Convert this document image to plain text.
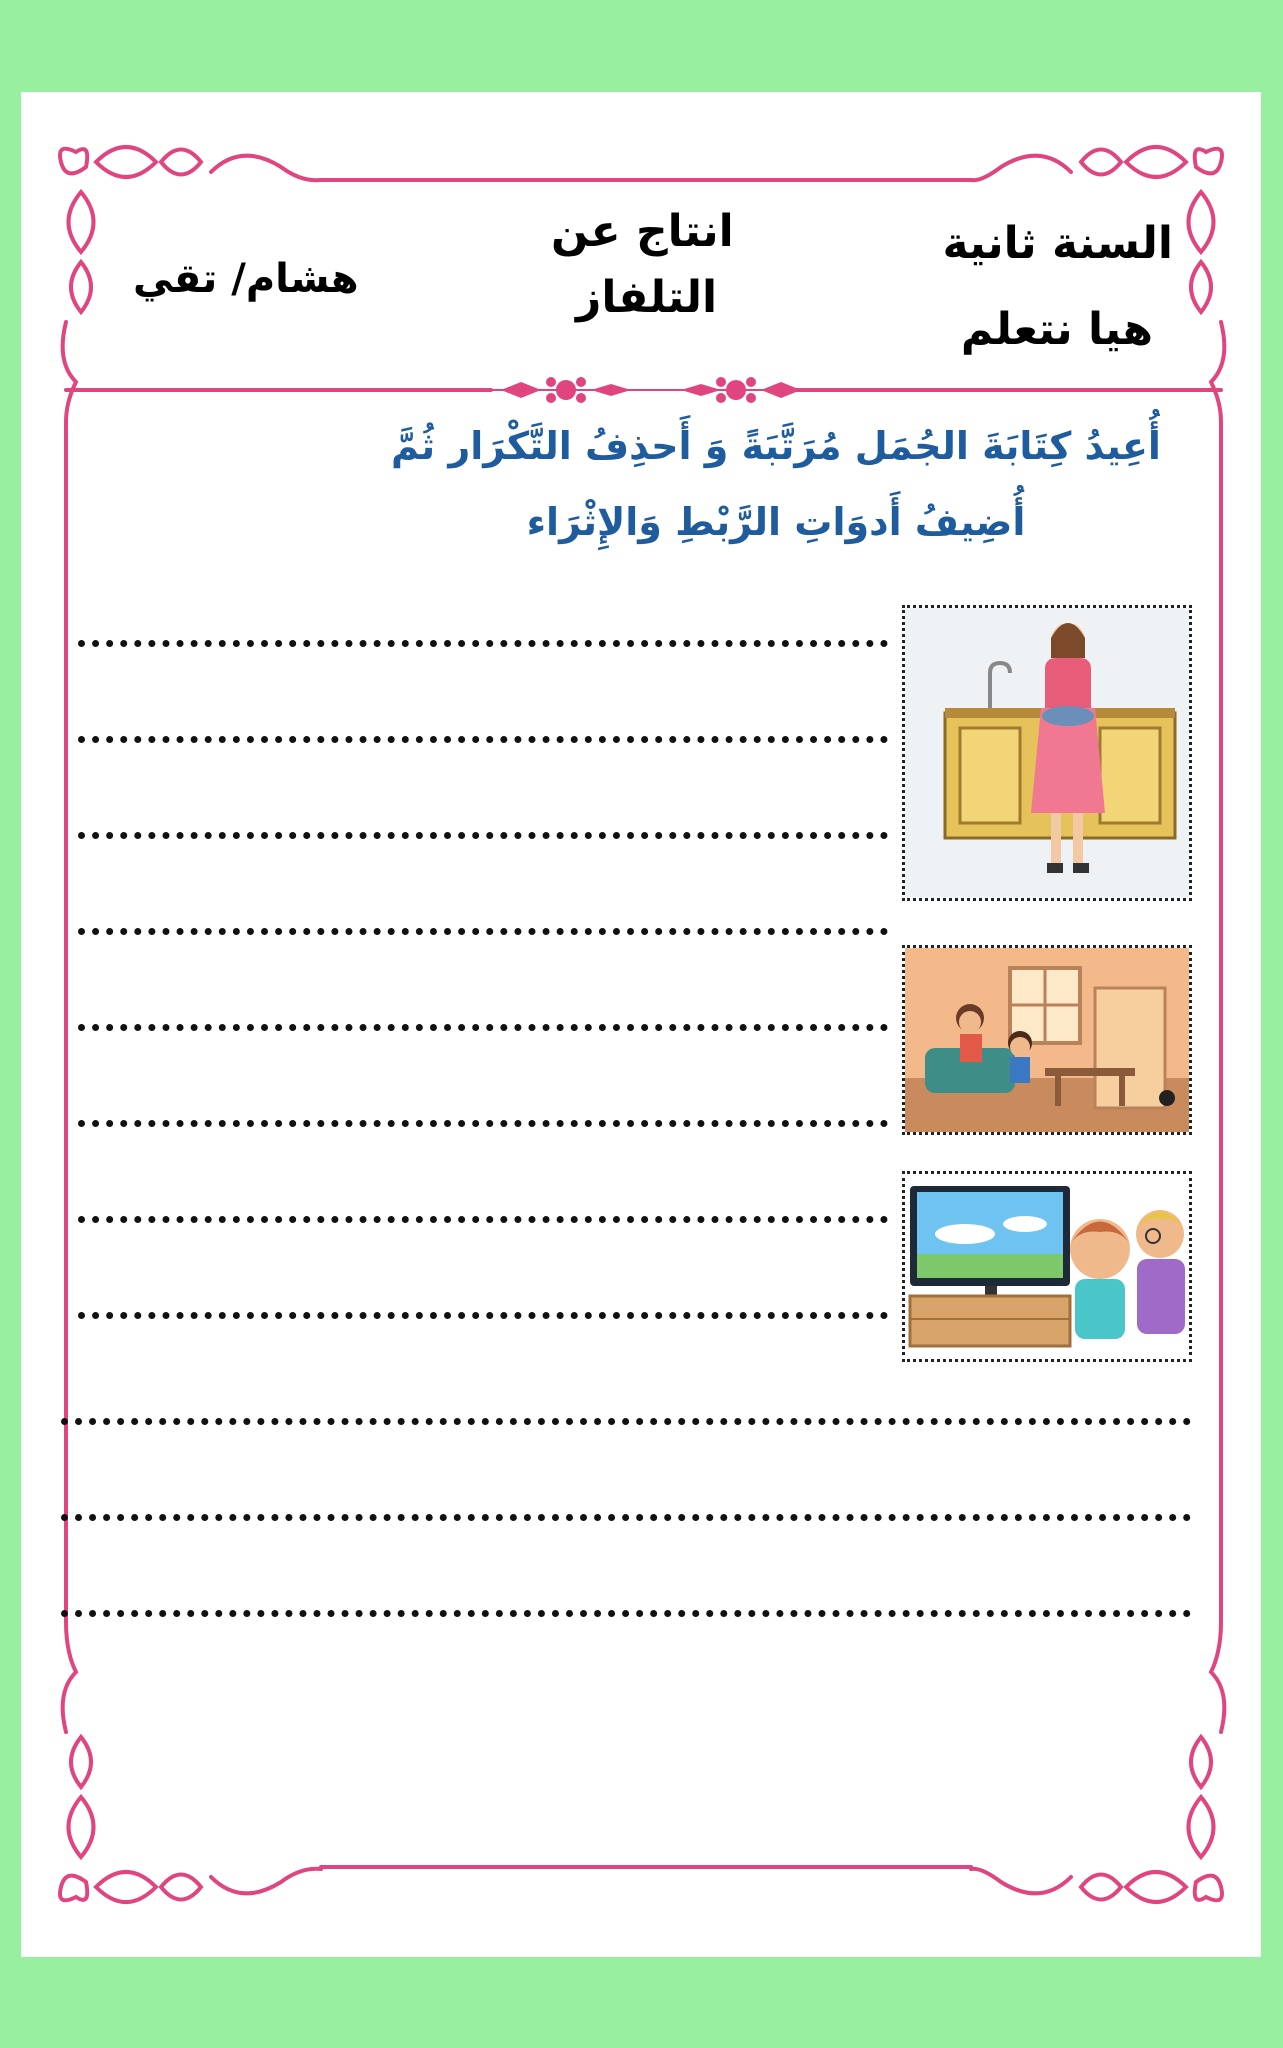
السنة ثانية
هيا نتعلم
انتاج عن
التلفاز
هشام/ تقي
أُعِيدُ كِتَابَةَ الجُمَل مُرَتَّبَةً وَ أَحذِفُ التَّكْرَار ثُمَّ
أُضِيفُ أَدوَاتِ الرَّبْطِ وَالإِثْرَاء
